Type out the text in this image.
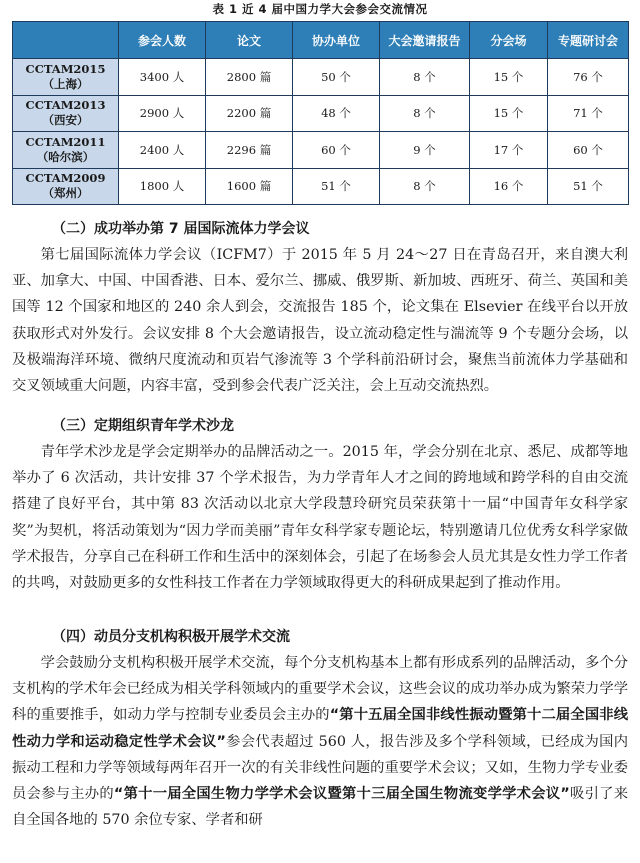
表 1 近 4 届中国力学大会参会交流情况
	参会人数	论文	协办单位	大会邀请报告	分会场	专题研讨会

CCTAM2015
（上海）	3400 人	2800 篇	50 个	8 个	15 个	76 个

CCTAM2013
（西安）	2900 人	2200 篇	48 个	8 个	15 个	71 个

CCTAM2011
（哈尔滨）	2400 人	2296 篇	60 个	9 个	17 个	60 个

CCTAM2009
（郑州）	1800 人	1600 篇	51 个	8 个	16 个	51 个
（二）成功举办第 7 届国际流体力学会议

第七届国际流体力学会议（ICFM7）于 2015 年 5 月 24～27 日在青岛召开，来自澳大利亚、加拿大、中国、中国香港、日本、爱尔兰、挪威、俄罗斯、新加坡、西班牙、荷兰、英国和美国等 12 个国家和地区的 240 余人到会，交流报告 185 个，论文集在 Elsevier 在线平台以开放获取形式对外发行。会议安排 8 个大会邀请报告，设立流动稳定性与湍流等 9 个专题分会场，以及极端海洋环境、微纳尺度流动和页岩气渗流等 3 个学科前沿研讨会，聚焦当前流体力学基础和交叉领域重大问题，内容丰富，受到参会代表广泛关注，会上互动交流热烈。

（三）定期组织青年学术沙龙

青年学术沙龙是学会定期举办的品牌活动之一。2015 年，学会分别在北京、悉尼、成都等地举办了 6 次活动，共计安排 37 个学术报告，为力学青年人才之间的跨地域和跨学科的自由交流搭建了良好平台，其中第 83 次活动以北京大学段慧玲研究员荣获第十一届“中国青年女科学家奖”为契机，将活动策划为“因力学而美丽”青年女科学家专题论坛，特别邀请几位优秀女科学家做学术报告，分享自己在科研工作和生活中的深刻体会，引起了在场参会人员尤其是女性力学工作者的共鸣，对鼓励更多的女性科技工作者在力学领域取得更大的科研成果起到了推动作用。

（四）动员分支机构积极开展学术交流

学会鼓励分支机构积极开展学术交流，每个分支机构基本上都有形成系列的品牌活动，多个分支机构的学术年会已经成为相关学科领域内的重要学术会议，这些会议的成功举办成为繁荣力学学科的重要推手，如动力学与控制专业委员会主办的“第十五届全国非线性振动暨第十二届全国非线性动力学和运动稳定性学术会议”参会代表超过 560 人，报告涉及多个学科领域，已经成为国内振动工程和力学等领域每两年召开一次的有关非线性问题的重要学术会议；又如，生物力学专业委员会参与主办的“第十一届全国生物力学学术会议暨第十三届全国生物流变学学术会议”吸引了来自全国各地的 570 余位专家、学者和研
